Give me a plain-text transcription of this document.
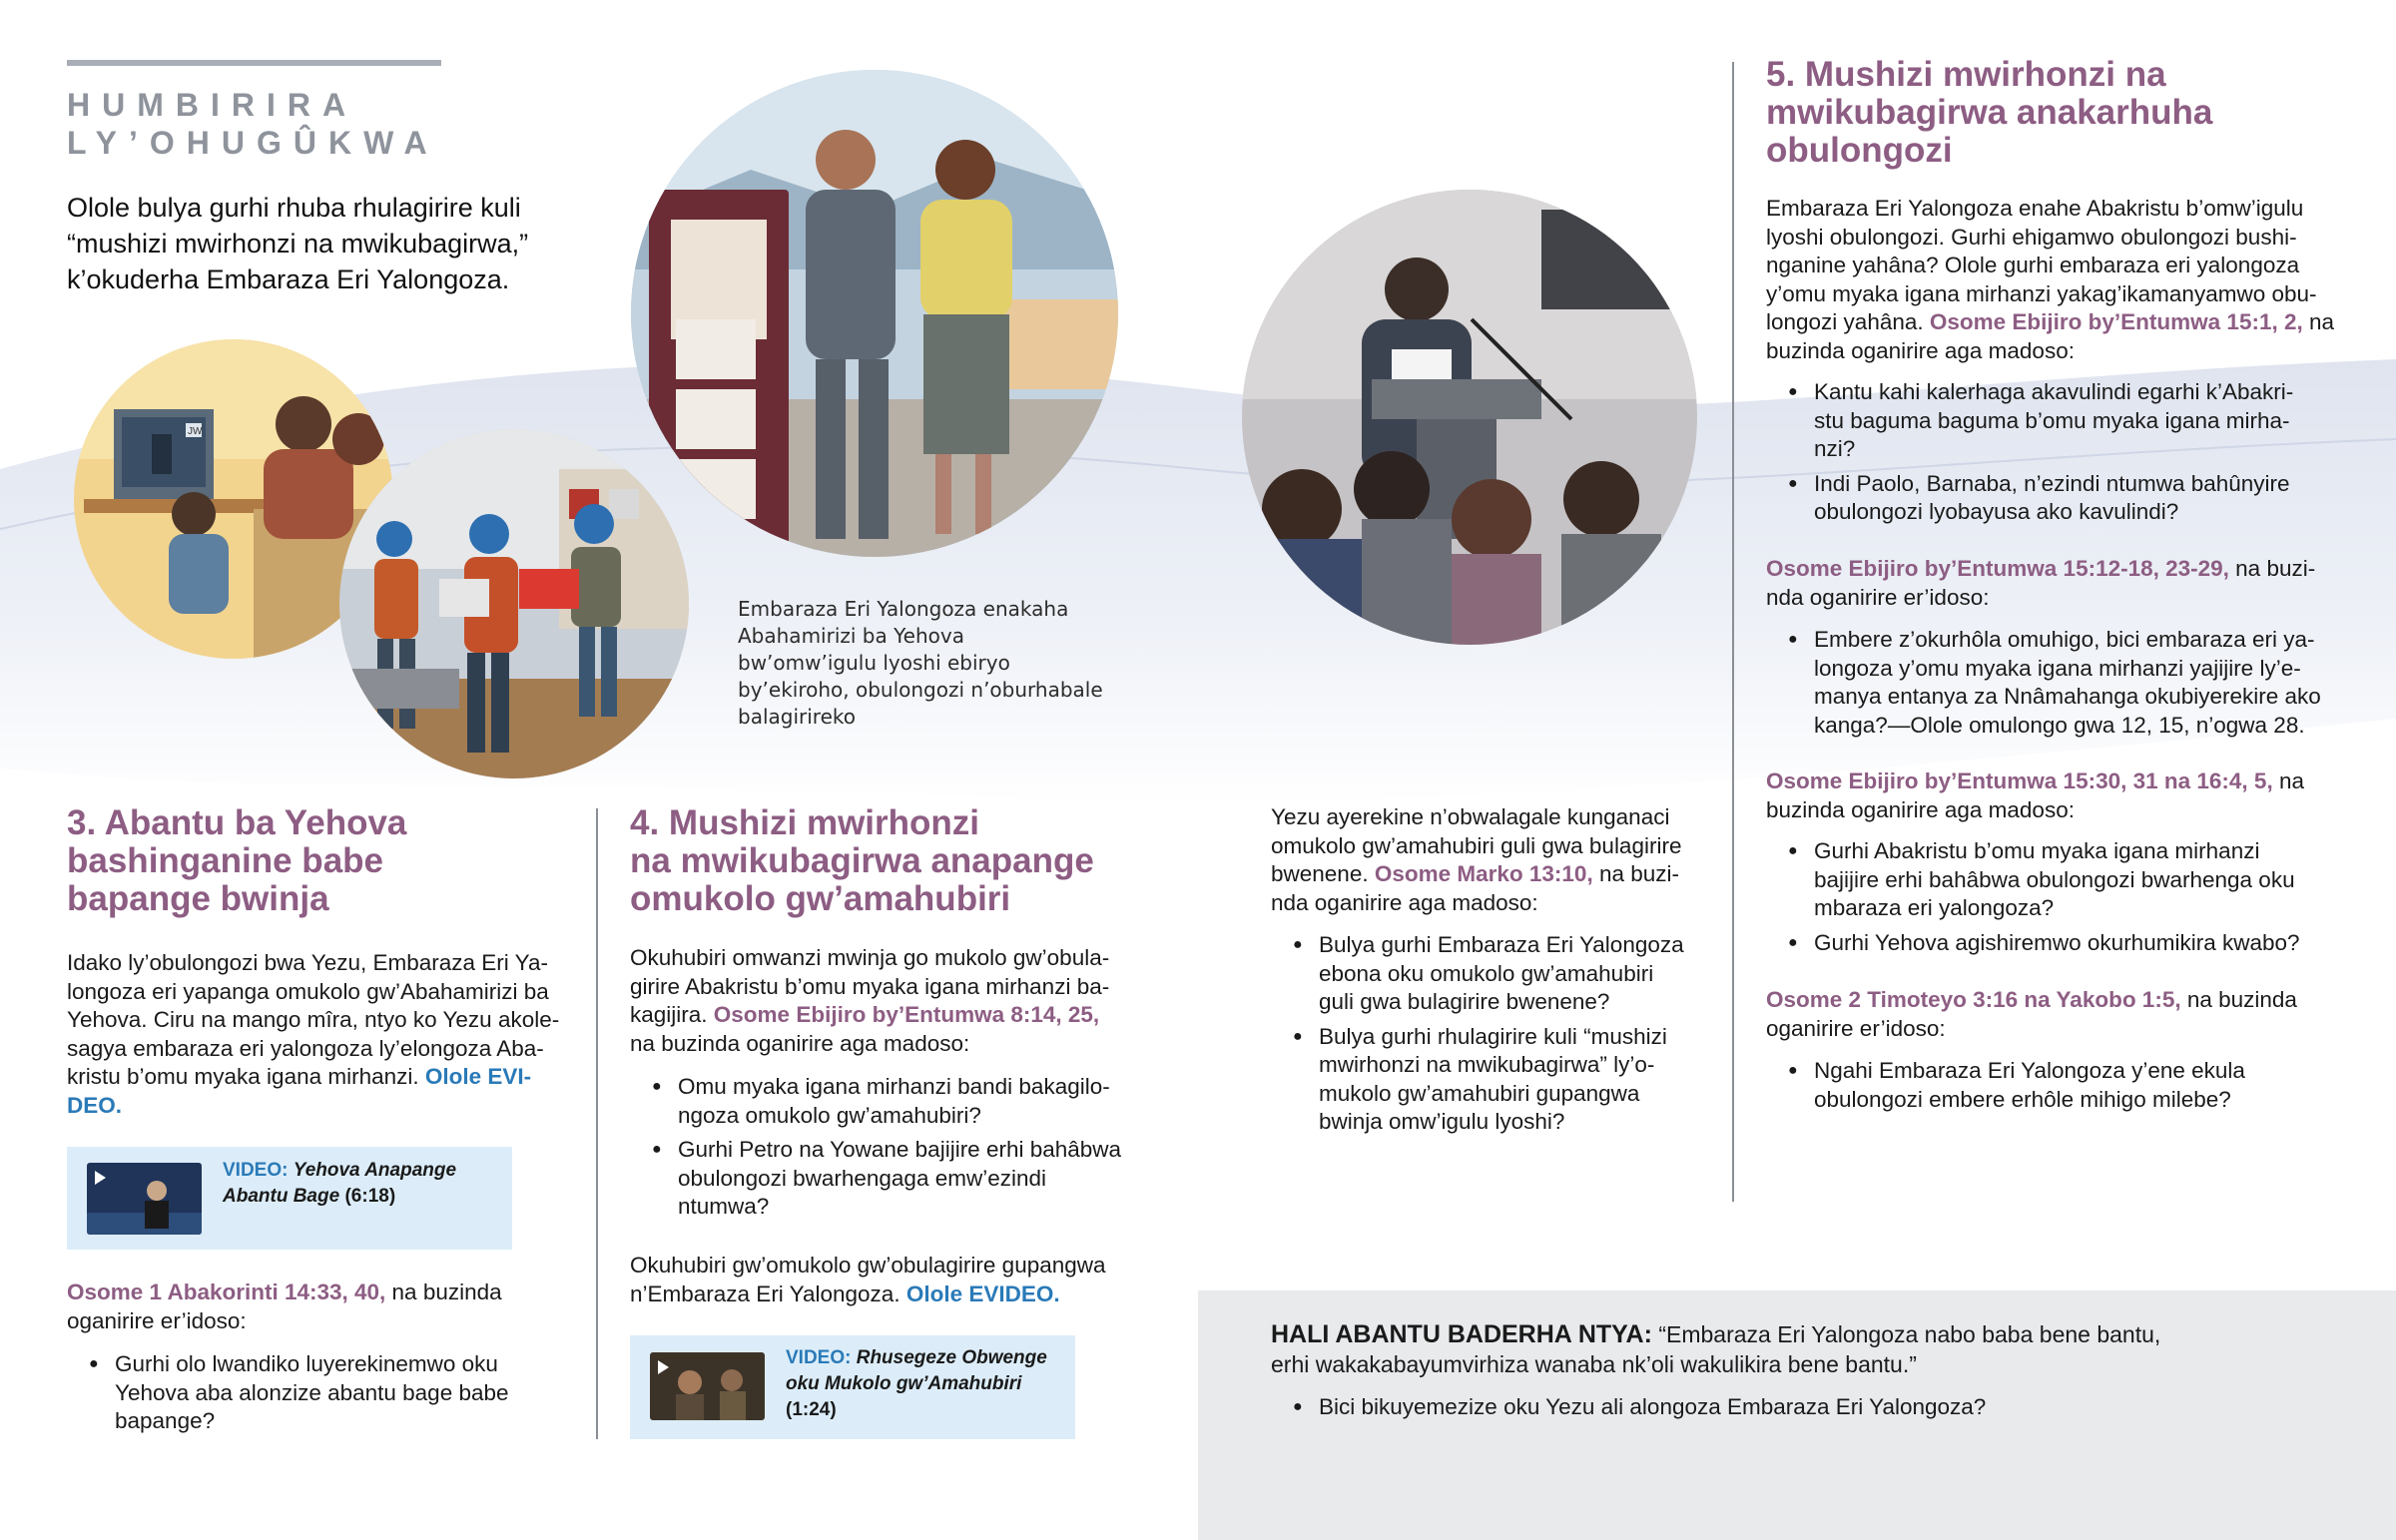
HUMBIRIRA
LY’OHUGÛKWA
Olole bulya gurhi rhuba rhulagirire kuli “mushizi mwirhonzi na mwikubagirwa,” k’okuderha Embaraza Eri Yalongoza.
JW
Embaraza Eri Yalongoza enakaha Abahamirizi ba Yehova bw’omw’igulu lyoshi ebiryo by’ekiroho, obulongozi n’oburhabale balagirireko
3. Abantu ba Yehova
bashinganine babe
bapange bwinja
Idako ly’obulongozi bwa Yezu, Embaraza Eri Ya-
longoza eri yapanga omukolo gw’Abahamirizi ba
Yehova. Ciru na mango mîra, ntyo ko Yezu akole-
sagya embaraza eri yalongoza ly’elongoza Aba-
kristu b’omu myaka igana mirhanzi. Olole EVI-
DEO.
VIDEO: Yehova Anapange
Abantu Bage (6:18)
Osome 1 Abakorinti 14:33, 40, na buzinda
oganirire er’idoso:
● Gurhi olo lwandiko luyerekinemwo oku
Yehova aba alonzize abantu bage babe
bapange?
4. Mushizi mwirhonzi
na mwikubagirwa anapange
omukolo gw’amahubiri
Okuhubiri omwanzi mwinja go mukolo gw’obula-
girire Abakristu b’omu myaka igana mirhanzi ba-
kagijira. Osome Ebijiro by’Entumwa 8:14, 25,
na buzinda oganirire aga madoso:
● Omu myaka igana mirhanzi bandi bakagilo-
ngoza omukolo gw’amahubiri?
● Gurhi Petro na Yowane bajijire erhi bahâbwa
obulongozi bwarhengaga emw’ezindi
ntumwa?
Okuhubiri gw’omukolo gw’obulagirire gupangwa
n’Embaraza Eri Yalongoza. Olole EVIDEO.
VIDEO: Rhusegeze Obwenge
oku Mukolo gw’Amahubiri
(1:24)
Yezu ayerekine n’obwalagale kunganaci
omukolo gw’amahubiri guli gwa bulagirire
bwenene. Osome Marko 13:10, na buzi-
nda oganirire aga madoso:
● Bulya gurhi Embaraza Eri Yalongoza
ebona oku omukolo gw’amahubiri
guli gwa bulagirire bwenene?
● Bulya gurhi rhulagirire kuli “mushizi
mwirhonzi na mwikubagirwa” ly’o-
mukolo gw’amahubiri gupangwa
bwinja omw’igulu lyoshi?
5. Mushizi mwirhonzi na
mwikubagirwa anakarhuha
obulongozi
Embaraza Eri Yalongoza enahe Abakristu b’omw’igulu
lyoshi obulongozi. Gurhi ehigamwo obulongozi bushi-
nganine yahâna? Olole gurhi embaraza eri yalongoza
y’omu myaka igana mirhanzi yakag’ikamanyamwo obu-
longozi yahâna. Osome Ebijiro by’Entumwa 15:1, 2, na
buzinda oganirire aga madoso:
● Kantu kahi kalerhaga akavulindi egarhi k’Abakri-
stu baguma baguma b’omu myaka igana mirha-
nzi?
● Indi Paolo, Barnaba, n’ezindi ntumwa bahûnyire
obulongozi lyobayusa ako kavulindi?
Osome Ebijiro by’Entumwa 15:12-18, 23-29, na buzi-
nda oganirire er’idoso:
● Embere z’okurhôla omuhigo, bici embaraza eri ya-
longoza y’omu myaka igana mirhanzi yajijire ly’e-
manya entanya za Nnâmahanga okubiyerekire ako
kanga?—Olole omulongo gwa 12, 15, n’ogwa 28.
Osome Ebijiro by’Entumwa 15:30, 31 na 16:4, 5, na
buzinda oganirire aga madoso:
● Gurhi Abakristu b’omu myaka igana mirhanzi
bajijire erhi bahâbwa obulongozi bwarhenga oku
mbaraza eri yalongoza?
● Gurhi Yehova agishiremwo okurhumikira kwabo?
Osome 2 Timoteyo 3:16 na Yakobo 1:5, na buzinda
oganirire er’idoso:
● Ngahi Embaraza Eri Yalongoza y’ene ekula
obulongozi embere erhôle mihigo milebe?
HALI ABANTU BADERHA NTYA: “Embaraza Eri Yalongoza nabo baba bene bantu,
erhi wakakabayumvirhiza wanaba nk’oli wakulikira bene bantu.”
● Bici bikuyemezize oku Yezu ali alongoza Embaraza Eri Yalongoza?
